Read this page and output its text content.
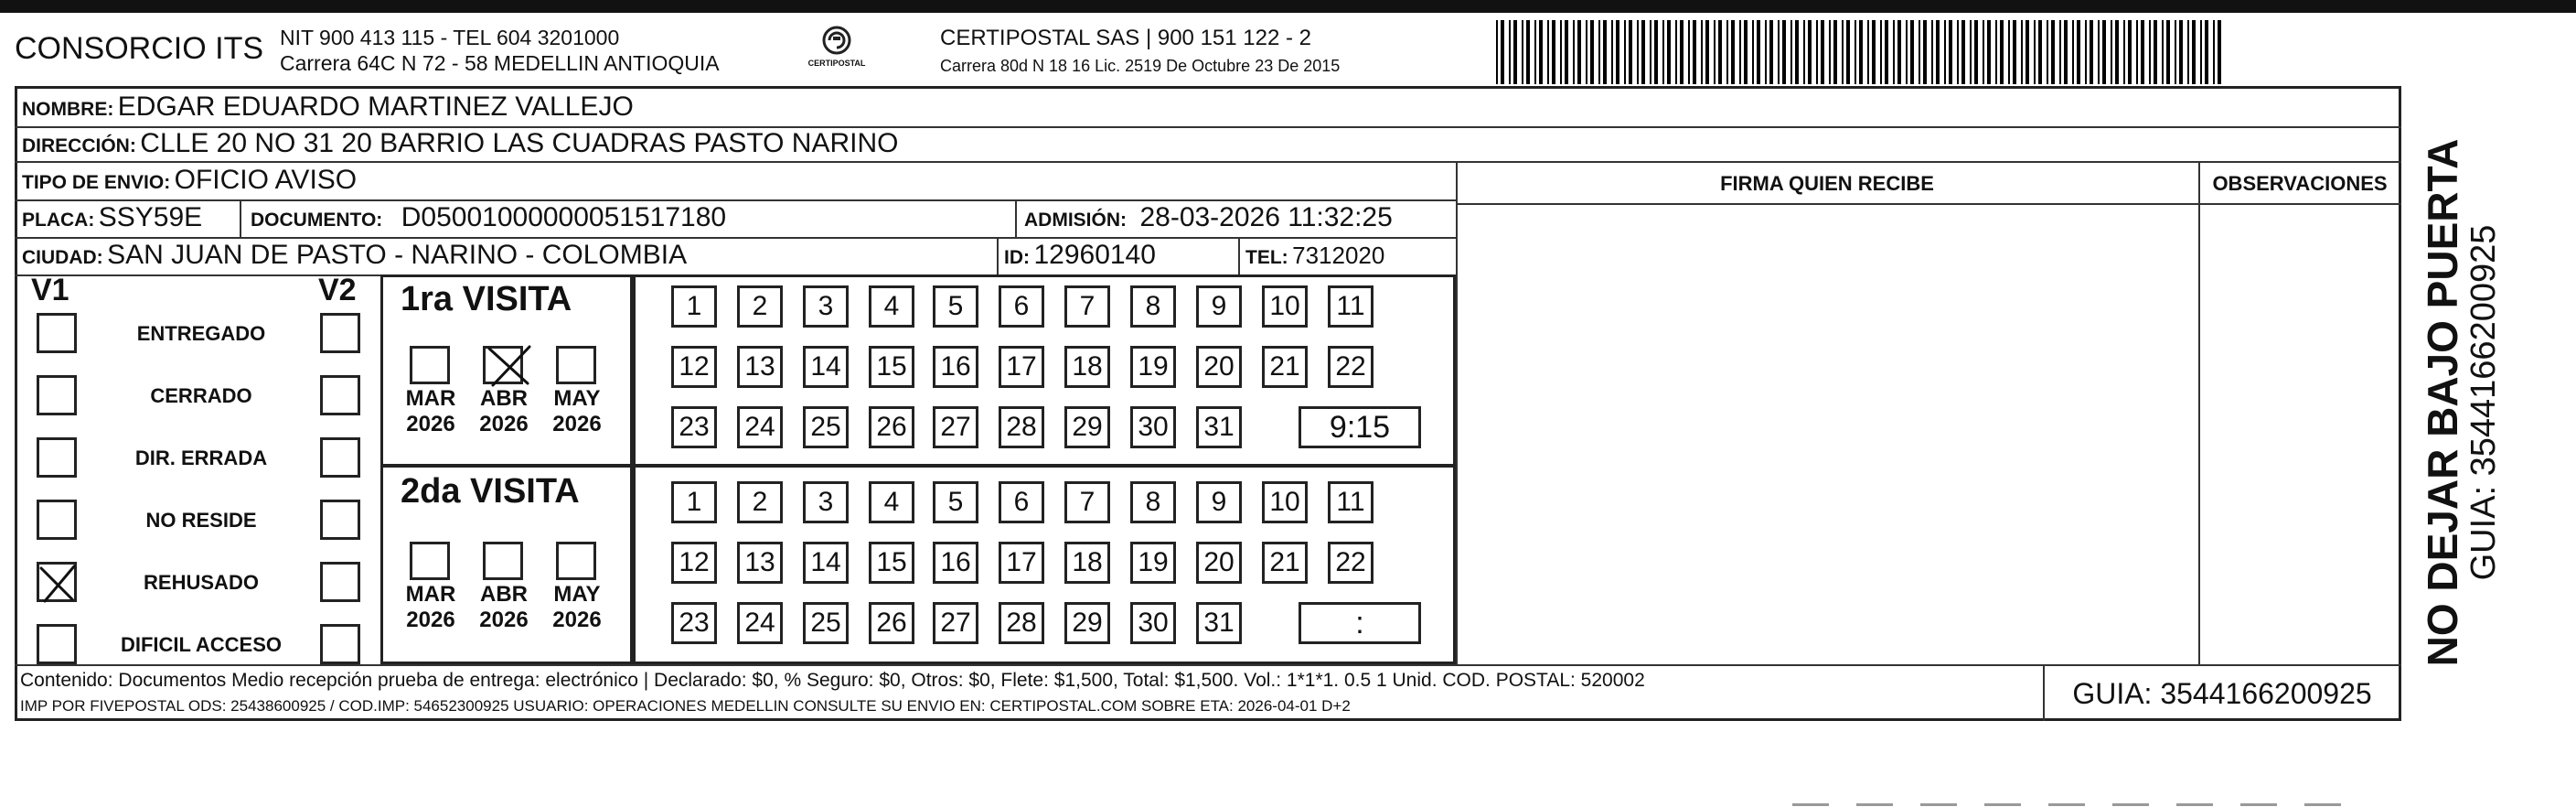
CONSORCIO ITS NIT 900 413 115 - TEL 604 3201000
Carrera 64C N 72 - 58 MEDELLIN ANTIOQUIA	CERTIPOSTAL
CERTIPOSTAL SAS | 900 151 122 - 2
Carrera 80d N 18 16 Lic. 2519 De Octubre 23 De 2015
NOMBRE: EDGAR EDUARDO MARTINEZ VALLEJO
DIRECCIÓN: CLLE 20 NO 31 20 BARRIO LAS CUADRAS PASTO NARINO
TIPO DE ENVIO: OFICIO AVISO
PLACA: SSY59E	DOCUMENTO: D05001000000051517180	ADMISIÓN: 28-03-2026 11:32:25
CIUDAD: SAN JUAN DE PASTO - NARINO - COLOMBIA	ID: 12960140	TEL: 7312020
FIRMA QUIEN RECIBE	OBSERVACIONES
V1	V2
ENTREGADO
CERRADO
DIR. ERRADA
NO RESIDE
REHUSADO
DIFICIL ACCESO
1ra VISITA
2da VISITA
MAR
2026
ABR
2026
MAY
2026
MAR
2026
ABR
2026
MAY
2026
1	2	3	4	5	6	7	8	9	10	11
12 13 14 15 16 17 18 19 20 21 22
23 24 25 26 27 28 29 30 31	9:15
1	2	3	4	5	6	7	8	9	10	11
12 13 14 15 16 17 18 19 20 21 22
23 24 25 26 27 28 29 30 31	:
Contenido: Documentos Medio recepción prueba de entrega: electrónico | Declarado: $0, % Seguro: $0, Otros: $0, Flete: $1,500, Total: $1,500. Vol.: 1*1*1. 0.5 1 Unid. COD. POSTAL: 520002
IMP POR FIVEPOSTAL ODS: 25438600925 / COD.IMP: 54652300925 USUARIO: OPERACIONES MEDELLIN CONSULTE SU ENVIO EN: CERTIPOSTAL.COM SOBRE ETA: 2026-04-01 D+2	GUIA: 3544166200925
NO DEJAR BAJO PUERTA
GUIA: 3544166200925
